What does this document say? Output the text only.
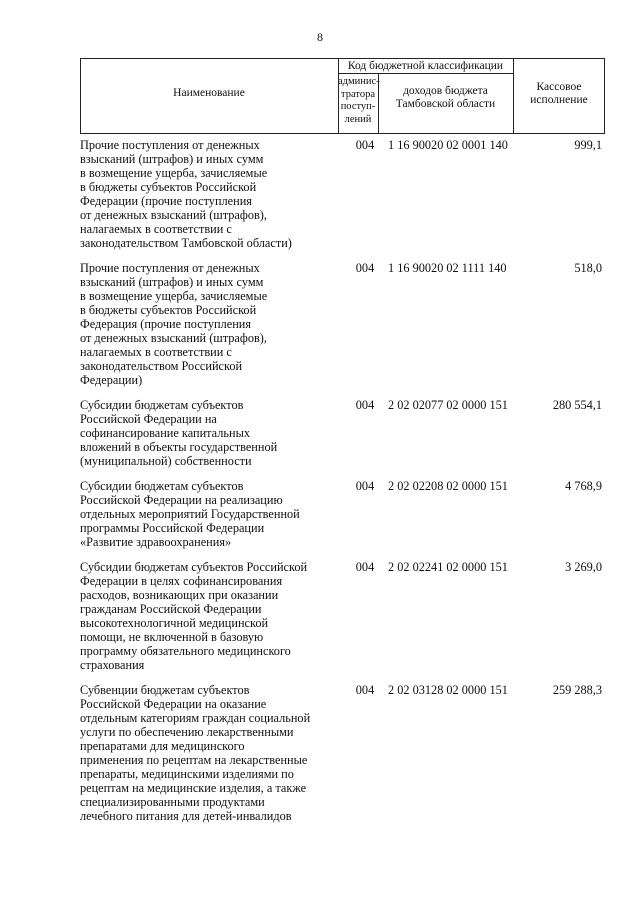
8
Наименование
Код бюджетной классификации
админис-
тратора
поступ-
лений
доходов бюджета
Тамбовской области
Кассовое
исполнение
Прочие поступления от денежных
взысканий (штрафов) и иных сумм
в возмещение ущерба, зачисляемые
в бюджеты субъектов Российской
Федерации (прочие поступления
от денежных взысканий (штрафов),
налагаемых в соответствии с
законодательством Тамбовской области)
004	1 16 90020 02 0001 140	999,1
Прочие поступления от денежных
взысканий (штрафов) и иных сумм
в возмещение ущерба, зачисляемые
в бюджеты субъектов Российской
Федерация (прочие поступления
от денежных взысканий (штрафов),
налагаемых в соответствии с
законодательством Российской
Федерации)
004	1 16 90020 02 1111 140	518,0
Субсидии бюджетам субъектов
Российской Федерации на
софинансирование капитальных
вложений в объекты государственной
(муниципальной) собственности
004	2 02 02077 02 0000 151	280 554,1
Субсидии бюджетам субъектов
Российской Федерации на реализацию
отдельных мероприятий Государственной
программы Российской Федерации
«Развитие здравоохранения»
004	2 02 02208 02 0000 151	4 768,9
Субсидии бюджетам субъектов Российской
Федерации в целях софинансирования
расходов, возникающих при оказании
гражданам Российской Федерации
высокотехнологичной медицинской
помощи, не включенной в базовую
программу обязательного медицинского
страхования
004	2 02 02241 02 0000 151	3 269,0
Субвенции бюджетам субъектов
Российской Федерации на оказание
отдельным категориям граждан социальной
услуги по обеспечению лекарственными
препаратами для медицинского
применения по рецептам на лекарственные
препараты, медицинскими изделиями по
рецептам на медицинские изделия, а также
специализированными продуктами
лечебного питания для детей-инвалидов
004	2 02 03128 02 0000 151	259 288,3
